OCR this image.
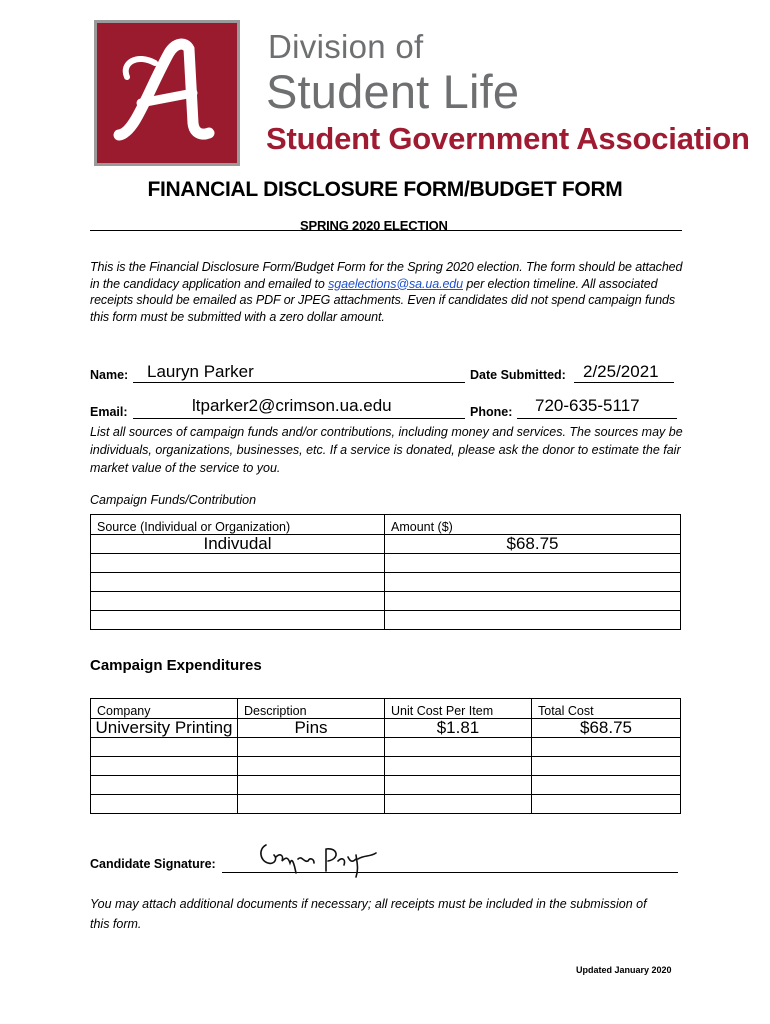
Division of
Student Life
Student Government Association
FINANCIAL DISCLOSURE FORM/BUDGET FORM
SPRING 2020 ELECTION
This is the Financial Disclosure Form/Budget Form for the Spring 2020 election. The form should be attached in the candidacy application and emailed to sgaelections@sa.ua.edu per election timeline. All associated receipts should be emailed as PDF or JPEG attachments. Even if candidates did not spend campaign funds this form must be submitted with a zero dollar amount.
Name: Lauryn Parker	Date Submitted: 2/25/2021
Email:	ltparker2@crimson.ua.edu	Phone: 720-635-5117
List all sources of campaign funds and/or contributions, including money and services. The sources may be individuals, organizations, businesses, etc. If a service is donated, please ask the donor to estimate the fair market value of the service to you.
Campaign Funds/Contribution
Source (Individual or Organization)	Amount ($)
Indivudal	$68.75

Campaign Expenditures
Company	Description	Unit Cost Per Item	Total Cost
University Printing	Pins	$1.81	$68.75

Candidate Signature:
You may attach additional documents if necessary; all receipts must be included in the submission of this form.
Updated January 2020
